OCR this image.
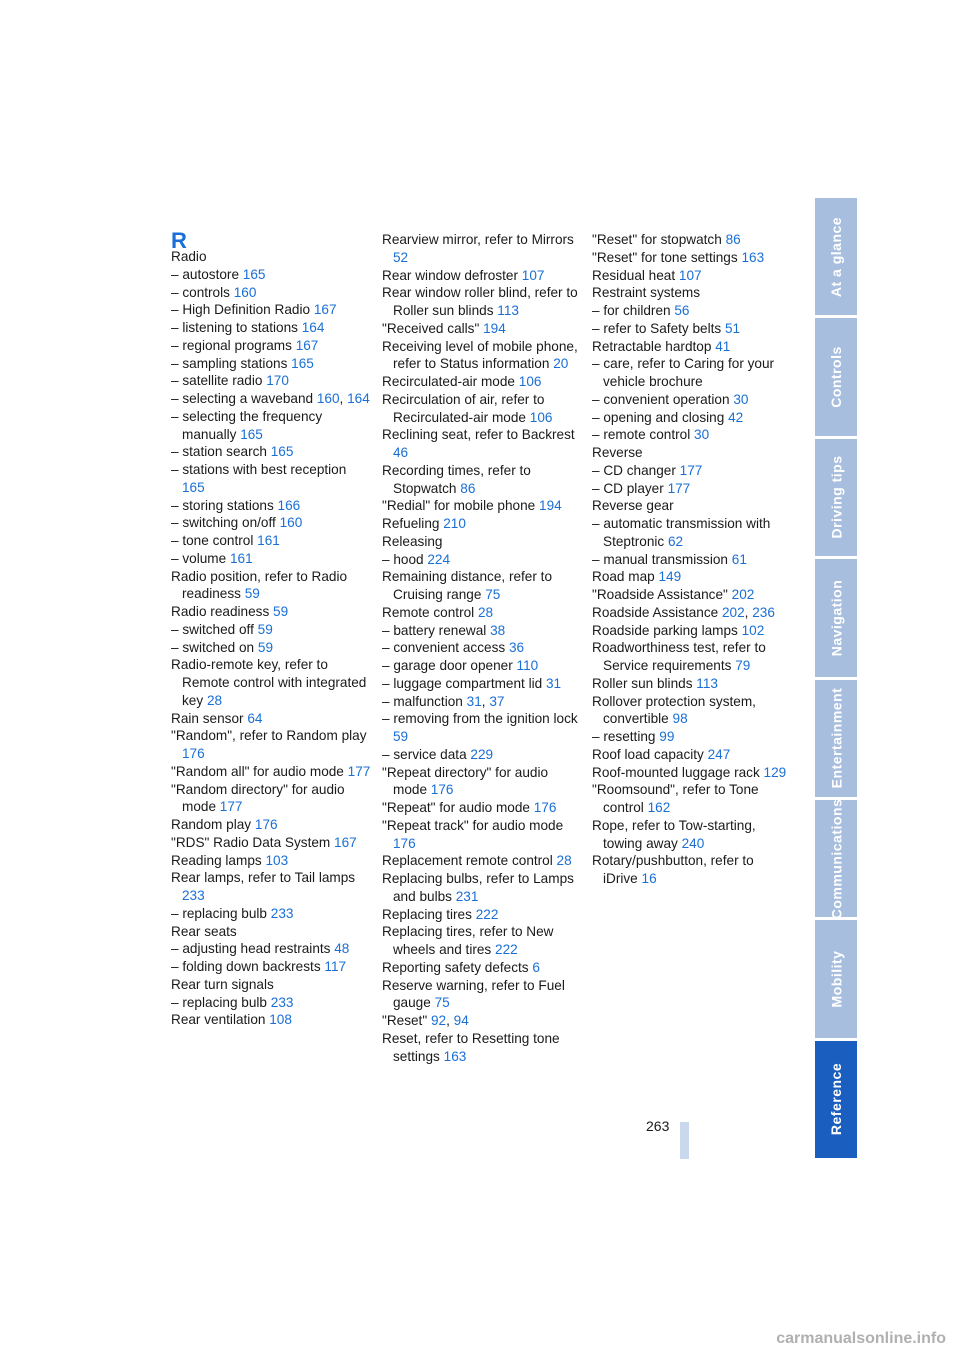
R
Radio
– autostore 165
– controls 160
– High Definition Radio 167
– listening to stations 164
– regional programs 167
– sampling stations 165
– satellite radio 170
– selecting a waveband 160, 164
– selecting the frequency manually 165
– station search 165
– stations with best reception 165
– storing stations 166
– switching on/off 160
– tone control 161
– volume 161
Radio position, refer to Radio readiness 59
Radio readiness 59
– switched off 59
– switched on 59
Radio-remote key, refer to Remote control with integrated key 28
Rain sensor 64
"Random", refer to Random play 176
"Random all" for audio mode 177
"Random directory" for audio mode 177
Random play 176
"RDS" Radio Data System 167
Reading lamps 103
Rear lamps, refer to Tail lamps 233
– replacing bulb 233
Rear seats
– adjusting head restraints 48
– folding down backrests 117
Rear turn signals
– replacing bulb 233
Rear ventilation 108
Rearview mirror, refer to Mirrors 52
Rear window defroster 107
Rear window roller blind, refer to Roller sun blinds 113
"Received calls" 194
Receiving level of mobile phone, refer to Status information 20
Recirculated-air mode 106
Recirculation of air, refer to Recirculated-air mode 106
Reclining seat, refer to Backrest 46
Recording times, refer to Stopwatch 86
"Redial" for mobile phone 194
Refueling 210
Releasing
– hood 224
Remaining distance, refer to Cruising range 75
Remote control 28
– battery renewal 38
– convenient access 36
– garage door opener 110
– luggage compartment lid 31
– malfunction 31, 37
– removing from the ignition lock 59
– service data 229
"Repeat directory" for audio mode 176
"Repeat" for audio mode 176
"Repeat track" for audio mode 176
Replacement remote control 28
Replacing bulbs, refer to Lamps and bulbs 231
Replacing tires 222
Replacing tires, refer to New wheels and tires 222
Reporting safety defects 6
Reserve warning, refer to Fuel gauge 75
"Reset" 92, 94
Reset, refer to Resetting tone settings 163
"Reset" for stopwatch 86
"Reset" for tone settings 163
Residual heat 107
Restraint systems
– for children 56
– refer to Safety belts 51
Retractable hardtop 41
– care, refer to Caring for your vehicle brochure
– convenient operation 30
– opening and closing 42
– remote control 30
Reverse
– CD changer 177
– CD player 177
Reverse gear
– automatic transmission with Steptronic 62
– manual transmission 61
Road map 149
"Roadside Assistance" 202
Roadside Assistance 202, 236
Roadside parking lamps 102
Roadworthiness test, refer to Service requirements 79
Roller sun blinds 113
Rollover protection system, convertible 98
– resetting 99
Roof load capacity 247
Roof-mounted luggage rack 129
"Roomsound", refer to Tone control 162
Rope, refer to Tow-starting, towing away 240
Rotary/pushbutton, refer to iDrive 16
263
At a glance
Controls
Driving tips
Navigation
Entertainment
Communications
Mobility
Reference
carmanualsonline.info
